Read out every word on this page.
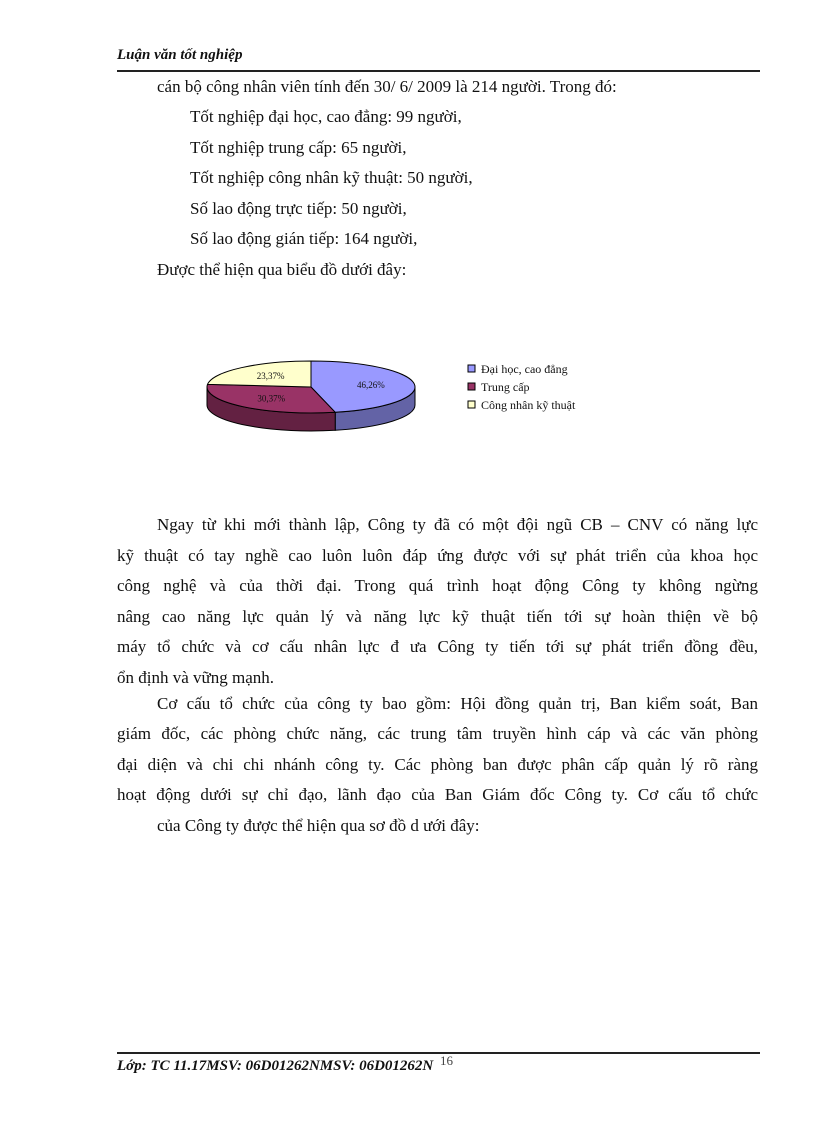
Luận văn tốt nghiệp
cán bộ công nhân viên tính đến 30/ 6/ 2009 là 214 người. Trong đó:
Tốt nghiệp đại học, cao đẳng: 99 người,
Tốt nghiệp trung cấp: 65 người,
Tốt nghiệp công nhân kỹ thuật: 50 người,
Số lao động trực tiếp: 50 người,
Số lao động gián tiếp: 164 người,
Được thể hiện qua biểu đồ dưới đây:
46,26%
30,37%
23,37%	Đại học, cao đẳng
Trung cấp
Công nhân kỹ thuật
Ngay từ khi mới thành lập, Công ty đã có một đội ngũ CB – CNV có năng lực
kỹ thuật có tay nghề cao luôn luôn đáp ứng được với sự phát triển của khoa học
công nghệ và của thời đại. Trong quá trình hoạt động Công ty không ngừng
nâng cao năng lực quản lý và năng lực kỹ thuật tiến tới sự hoàn thiện về bộ
máy tổ chức và cơ cấu nhân lực đ ưa Công ty tiến tới sự phát triển đồng đều,
ổn định và vững mạnh.
Cơ cấu tổ chức của công ty bao gồm: Hội đồng quản trị, Ban kiểm soát, Ban
giám đốc, các phòng chức năng, các trung tâm truyền hình cáp và các văn phòng
đại diện và chi chi nhánh công ty. Các phòng ban được phân cấp quản lý rõ ràng
hoạt động dưới sự chỉ đạo, lãnh đạo của Ban Giám đốc Công ty. Cơ cấu tổ chức
của Công ty được thể hiện qua sơ đồ d ưới đây:
Lớp: TC 11.17MSV: 06D01262NMSV: 06D01262N 16
